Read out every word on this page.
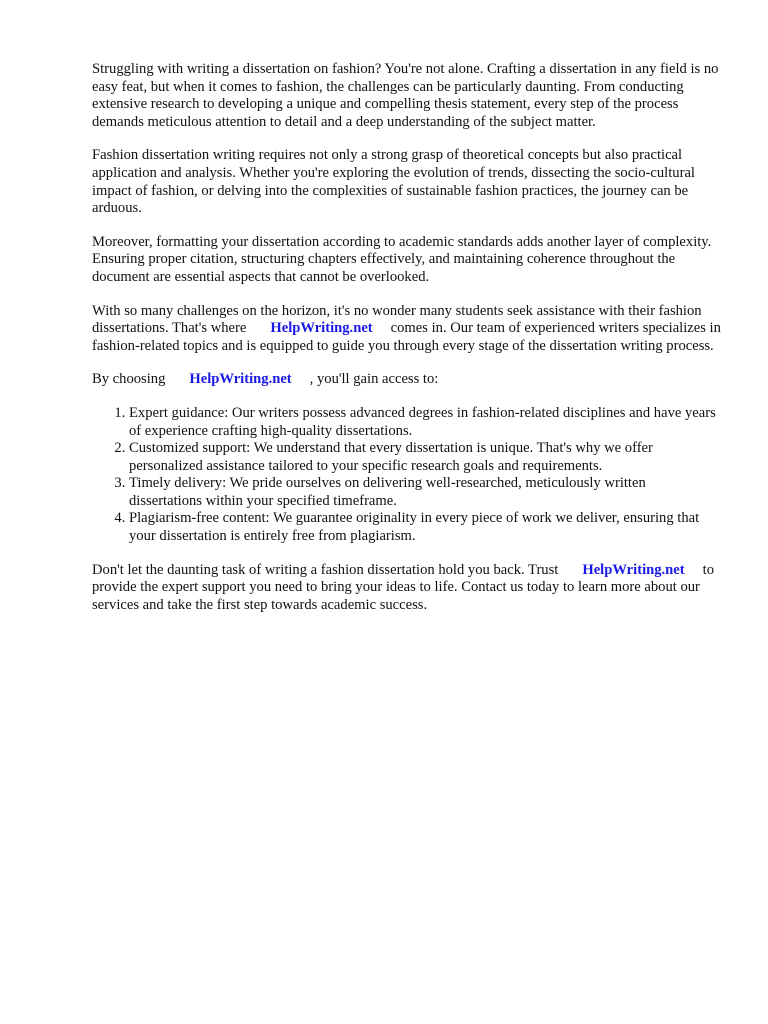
Struggling with writing a dissertation on fashion? You're not alone. Crafting a dissertation in any field is no easy feat, but when it comes to fashion, the challenges can be particularly daunting. From conducting extensive research to developing a unique and compelling thesis statement, every step of the process demands meticulous attention to detail and a deep understanding of the subject matter.

Fashion dissertation writing requires not only a strong grasp of theoretical concepts but also practical application and analysis. Whether you're exploring the evolution of trends, dissecting the socio-cultural impact of fashion, or delving into the complexities of sustainable fashion practices, the journey can be arduous.

Moreover, formatting your dissertation according to academic standards adds another layer of complexity. Ensuring proper citation, structuring chapters effectively, and maintaining coherence throughout the document are essential aspects that cannot be overlooked.

With so many challenges on the horizon, it's no wonder many students seek assistance with their fashion dissertations. That's where HelpWriting.net comes in. Our team of experienced writers specializes in fashion-related topics and is equipped to guide you through every stage of the dissertation writing process.

By choosing HelpWriting.net , you'll gain access to:

1. Expert guidance: Our writers possess advanced degrees in fashion-related disciplines and have years of experience crafting high-quality dissertations.
2. Customized support: We understand that every dissertation is unique. That's why we offer personalized assistance tailored to your specific research goals and requirements.
3. Timely delivery: We pride ourselves on delivering well-researched, meticulously written dissertations within your specified timeframe.
4. Plagiarism-free content: We guarantee originality in every piece of work we deliver, ensuring that your dissertation is entirely free from plagiarism.

Don't let the daunting task of writing a fashion dissertation hold you back. Trust HelpWriting.net to provide the expert support you need to bring your ideas to life. Contact us today to learn more about our services and take the first step towards academic success.
